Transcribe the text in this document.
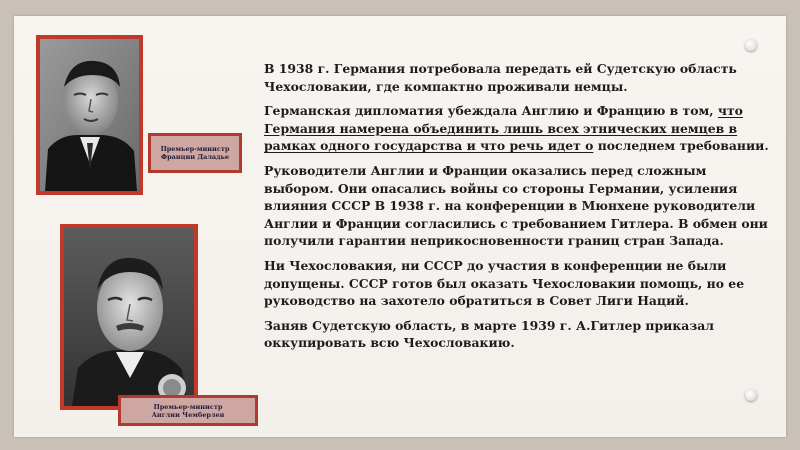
Премьер-министр
Франции Даладье
Премьер-министр
Англии Чемберлен

В 1938 г. Германия потребовала передать ей Судетскую область Чехословакии, где компактно проживали немцы.

Германская дипломатия убеждала Англию и Францию в том, что Германия намерена объединить лишь всех этнических немцев в рамках одного государства и что речь идет о последнем требовании.

Руководители Англии и Франции оказались перед сложным выбором. Они опасались войны со стороны Германии, усиления влияния СССР В 1938 г. на конференции в Мюнхене руководители Англии и Франции согласились с требованием Гитлера. В обмен они получили гарантии неприкосновенности границ стран Запада.

Ни Чехословакия, ни СССР до участия в конференции не были допущены. СССР готов был оказать Чехословакии помощь, но ее руководство на захотело обратиться в Совет Лиги Наций.

Заняв Судетскую область, в марте 1939 г. А.Гитлер приказал оккупировать всю Чехословакию.
